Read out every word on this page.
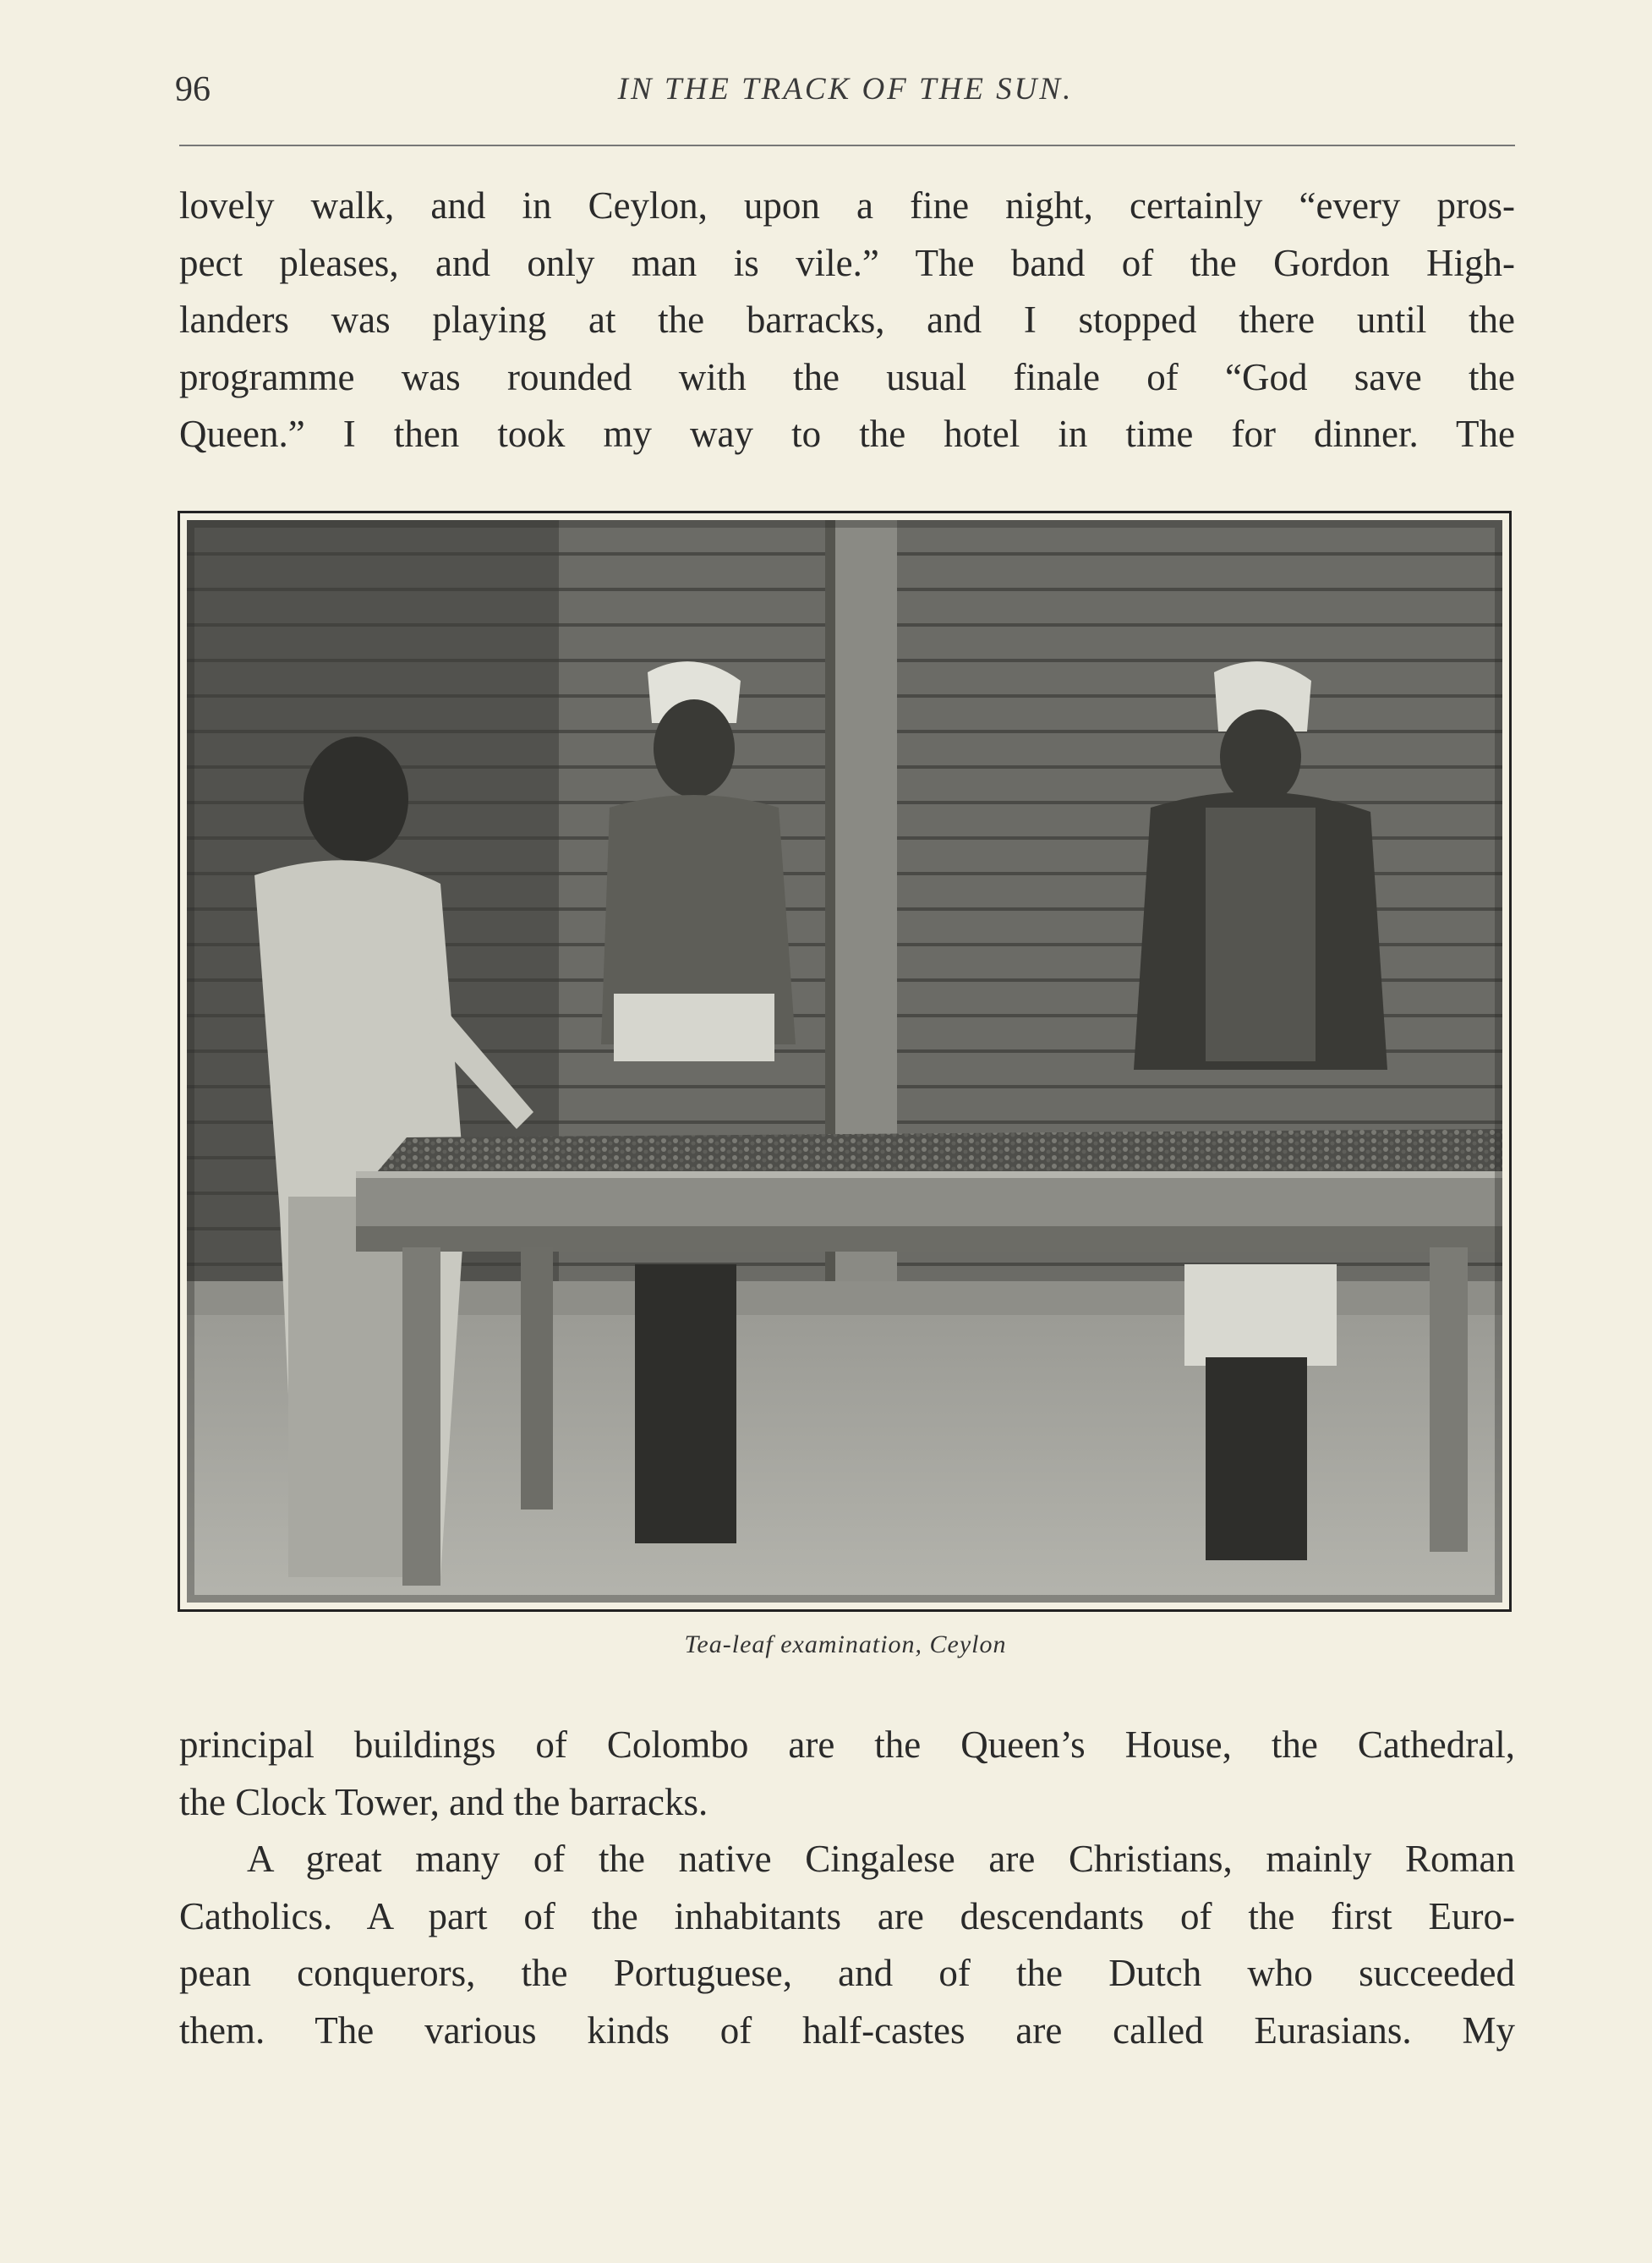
96	IN THE TRACK OF THE SUN.
lovely walk, and in Ceylon, upon a fine night, certainly “every pros-
pect pleases, and only man is vile.” The band of the Gordon High-
landers was playing at the barracks, and I stopped there until the
programme was rounded with the usual finale of “God save the
Queen.” I then took my way to the hotel in time for dinner. The
Tea-leaf examination, Ceylon
principal buildings of Colombo are the Queen’s House, the Cathedral,
the Clock Tower, and the barracks.
A great many of the native Cingalese are Christians, mainly Roman
Catholics. A part of the inhabitants are descendants of the first Euro-
pean conquerors, the Portuguese, and of the Dutch who succeeded
them. The various kinds of half-castes are called Eurasians. My
